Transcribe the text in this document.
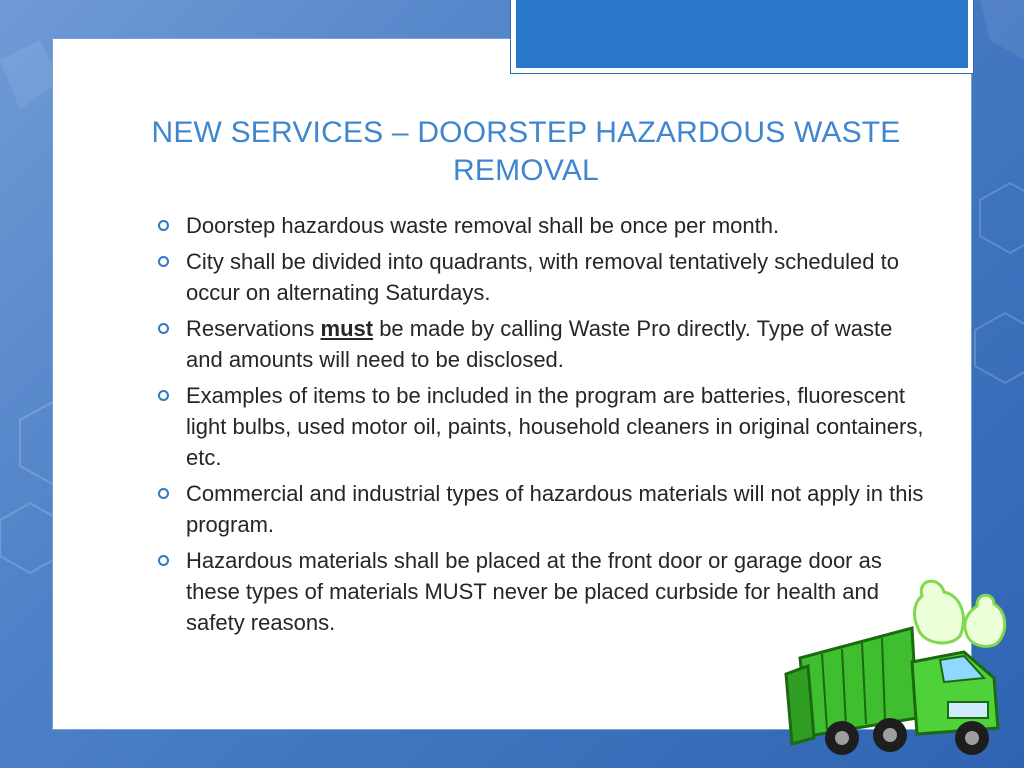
NEW SERVICES – DOORSTEP HAZARDOUS WASTE REMOVAL
Doorstep hazardous waste removal shall be once per month.
City shall be divided into quadrants, with removal tentatively scheduled to occur on alternating Saturdays.
Reservations must be made by calling Waste Pro directly. Type of waste and amounts will need to be disclosed.
Examples of items to be included in the program are batteries, fluorescent light bulbs, used motor oil, paints, household cleaners in original containers, etc.
Commercial and industrial types of hazardous materials will not apply in this program.
Hazardous materials shall be placed at the front door or garage door as these types of materials MUST never be placed curbside for health and safety reasons.
